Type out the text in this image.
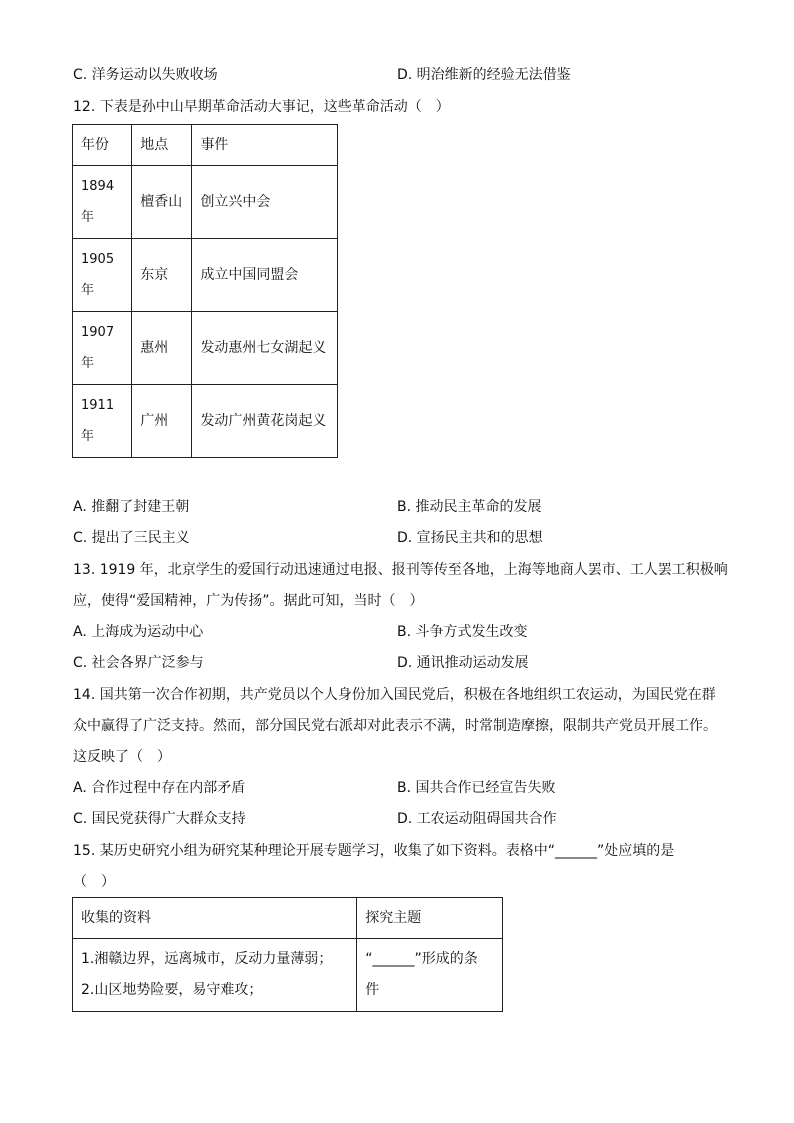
C. 洋务运动以失败收场	D. 明治维新的经验无法借鉴
12. 下表是孙中山早期革命活动大事记，这些革命活动（　）
年份	地点	事件
1894
年	檀香山	创立兴中会
1905
年	东京	成立中国同盟会
1907
年	惠州	发动惠州七女湖起义
1911
年	广州	发动广州黄花岗起义
A. 推翻了封建王朝	B. 推动民主革命的发展
C. 提出了三民主义	D. 宣扬民主共和的思想
13. 1919 年，北京学生的爱国行动迅速通过电报、报刊等传至各地，上海等地商人罢市、工人罢工积极响
应，使得“爱国精神，广为传扬”。据此可知，当时（　）
A. 上海成为运动中心	B. 斗争方式发生改变
C. 社会各界广泛参与	D. 通讯推动运动发展
14. 国共第一次合作初期，共产党员以个人身份加入国民党后，积极在各地组织工农运动，为国民党在群
众中赢得了广泛支持。然而，部分国民党右派却对此表示不满，时常制造摩擦，限制共产党员开展工作。
这反映了（　）
A. 合作过程中存在内部矛盾	B. 国共合作已经宣告失败
C. 国民党获得广大群众支持	D. 工农运动阻碍国共合作
15. 某历史研究小组为研究某种理论开展专题学习，收集了如下资料。表格中“______”处应填的是
（　）
收集的资料	探究主题
1.湘赣边界，远离城市，反动力量薄弱；
2.山区地势险要，易守难攻；	“______”形成的条
件
